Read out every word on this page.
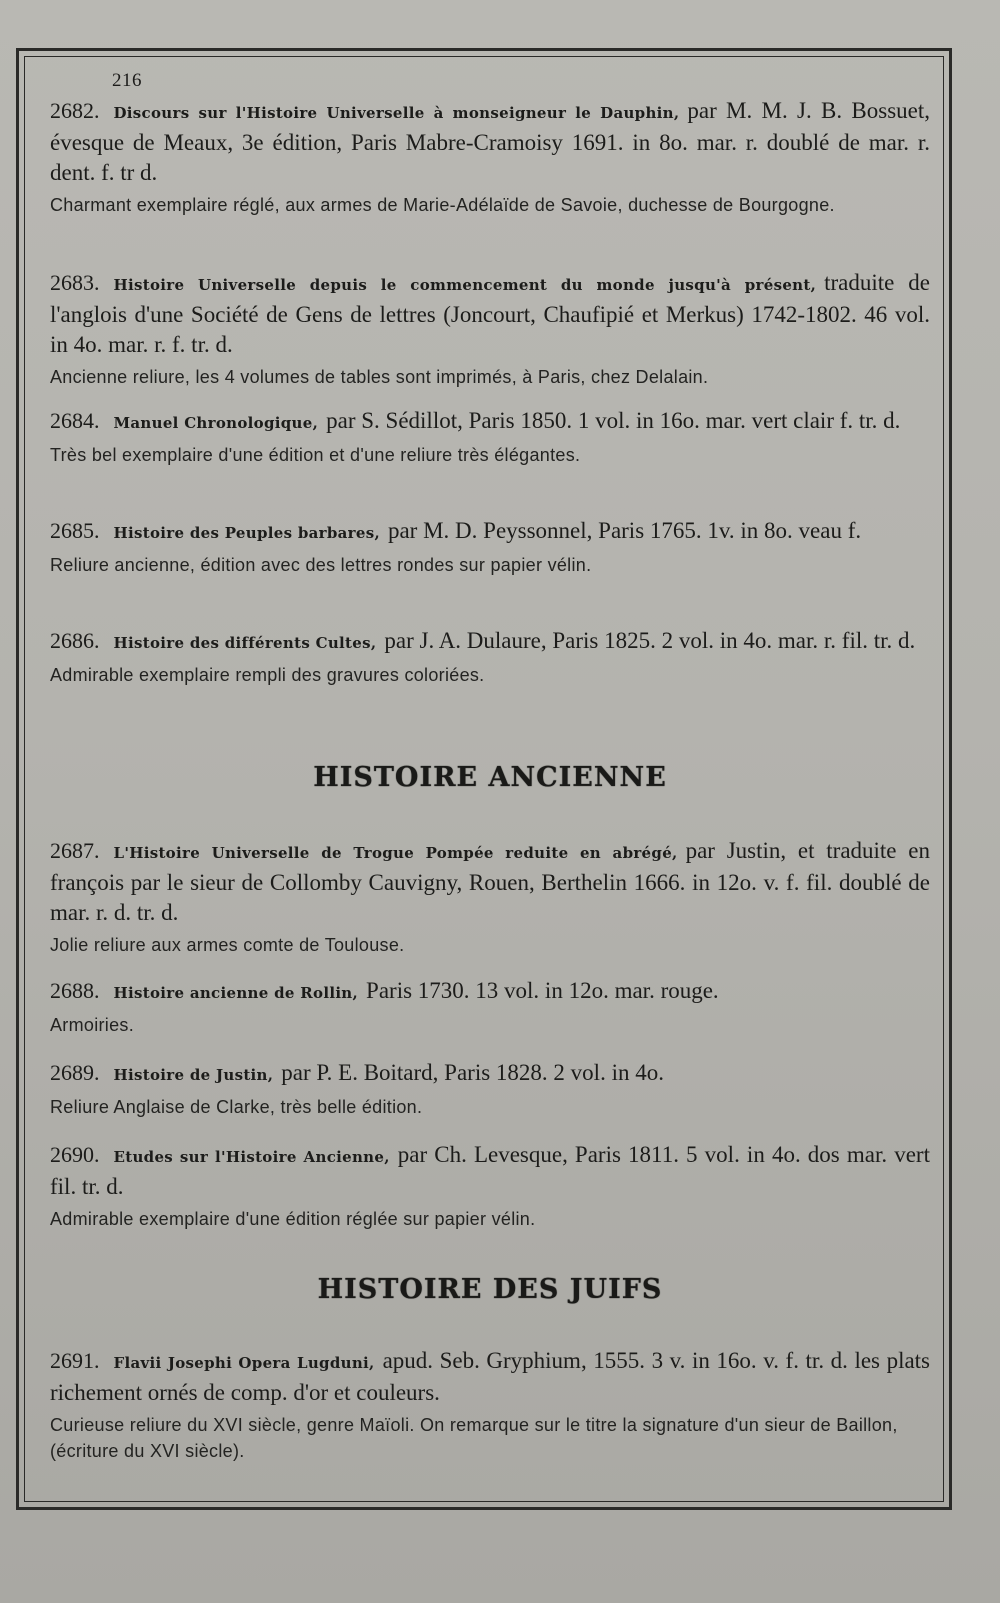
216

2682. Discours sur l'Histoire Universelle à monseigneur le Dauphin, par M. M. J. B. Bossuet, évesque de Meaux, 3e édition, Paris Mabre-Cramoisy 1691. in 8o. mar. r. doublé de mar. r. dent. f. tr d.

Charmant exemplaire réglé, aux armes de Marie-Adélaïde de Savoie, duchesse de Bourgogne.

2683. Histoire Universelle depuis le commencement du monde jusqu'à présent, traduite de l'anglois d'une Société de Gens de lettres (Joncourt, Chaufipié et Merkus) 1742-1802. 46 vol. in 4o. mar. r. f. tr. d.

Ancienne reliure, les 4 volumes de tables sont imprimés, à Paris, chez Delalain.

2684. Manuel Chronologique, par S. Sédillot, Paris 1850. 1 vol. in 16o. mar. vert clair f. tr. d.

Très bel exemplaire d'une édition et d'une reliure très élégantes.

2685. Histoire des Peuples barbares, par M. D. Peyssonnel, Paris 1765. 1v. in 8o. veau f.

Reliure ancienne, édition avec des lettres rondes sur papier vélin.

2686. Histoire des différents Cultes, par J. A. Dulaure, Paris 1825. 2 vol. in 4o. mar. r. fil. tr. d.

Admirable exemplaire rempli des gravures coloriées.

HISTOIRE ANCIENNE

2687. L'Histoire Universelle de Trogue Pompée reduite en abrégé, par Justin, et traduite en françois par le sieur de Collomby Cauvigny, Rouen, Berthelin 1666. in 12o. v. f. fil. doublé de mar. r. d. tr. d.

Jolie reliure aux armes comte de Toulouse.

2688. Histoire ancienne de Rollin, Paris 1730. 13 vol. in 12o. mar. rouge.

Armoiries.

2689. Histoire de Justin, par P. E. Boitard, Paris 1828. 2 vol. in 4o.

Reliure Anglaise de Clarke, très belle édition.

2690. Etudes sur l'Histoire Ancienne, par Ch. Levesque, Paris 1811. 5 vol. in 4o. dos mar. vert fil. tr. d.

Admirable exemplaire d'une édition réglée sur papier vélin.

HISTOIRE DES JUIFS

2691. Flavii Josephi Opera Lugduni, apud. Seb. Gryphium, 1555. 3 v. in 16o. v. f. tr. d. les plats richement ornés de comp. d'or et couleurs.

Curieuse reliure du XVI siècle, genre Maïoli. On remarque sur le titre la signature d'un sieur de Baillon, (écriture du XVI siècle).
